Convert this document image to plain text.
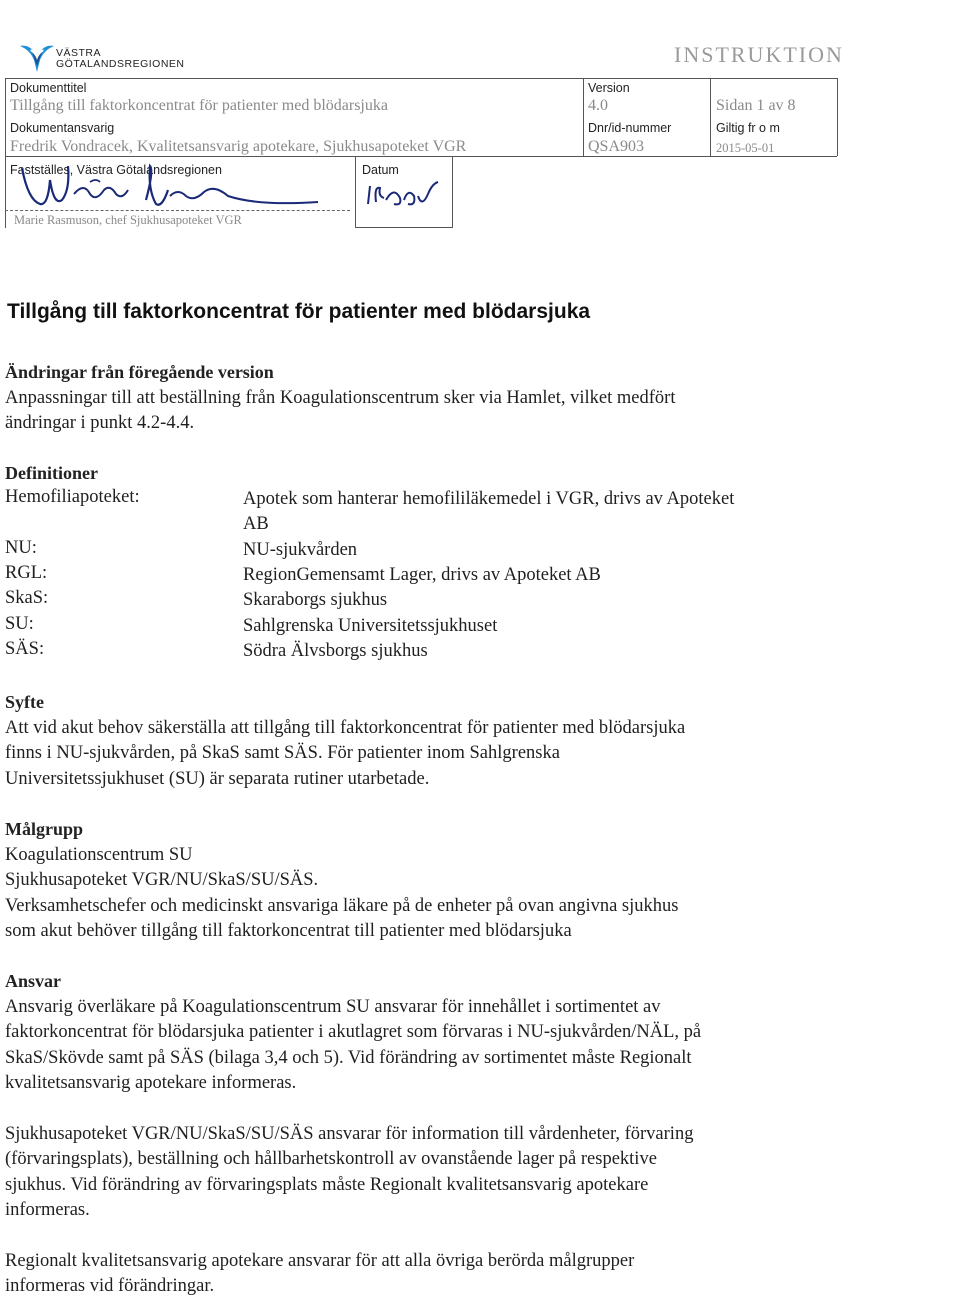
VÄSTRA
GÖTALANDSREGIONEN	INSTRUKTION
Dokumenttitel
Tillgång till faktorkoncentrat för patienter med blödarsjuka
Version
4.0	Sidan 1 av 8
Dokumentansvarig
Fredrik Vondracek, Kvalitetsansvarig apotekare, Sjukhusapoteket VGR
Dnr/id-nummer
QSA903
Giltig fr o m
2015-05-01
Fastställes, Västra Götalandsregionen	Datum
Marie Rasmuson, chef Sjukhusapoteket VGR
Tillgång till faktorkoncentrat för patienter med blödarsjuka
Ändringar från föregående version
Anpassningar till att beställning från Koagulationscentrum sker via Hamlet, vilket medfört
ändringar i punkt 4.2-4.4.
Definitioner
Hemofiliapoteket:	Apotek som hanterar hemofililäkemedel i VGR, drivs av Apoteket
AB
NU:	NU-sjukvården
RGL:	RegionGemensamt Lager, drivs av Apoteket AB
SkaS:	Skaraborgs sjukhus
SU:	Sahlgrenska Universitetssjukhuset
SÄS:	Södra Älvsborgs sjukhus
Syfte
Att vid akut behov säkerställa att tillgång till faktorkoncentrat för patienter med blödarsjuka
finns i NU-sjukvården, på SkaS samt SÄS. För patienter inom Sahlgrenska
Universitetssjukhuset (SU) är separata rutiner utarbetade.
Målgrupp
Koagulationscentrum SU
Sjukhusapoteket VGR/NU/SkaS/SU/SÄS.
Verksamhetschefer och medicinskt ansvariga läkare på de enheter på ovan angivna sjukhus
som akut behöver tillgång till faktorkoncentrat till patienter med blödarsjuka
Ansvar
Ansvarig överläkare på Koagulationscentrum SU ansvarar för innehållet i sortimentet av
faktorkoncentrat för blödarsjuka patienter i akutlagret som förvaras i NU-sjukvården/NÄL, på
SkaS/Skövde samt på SÄS (bilaga 3,4 och 5). Vid förändring av sortimentet måste Regionalt
kvalitetsansvarig apotekare informeras.
Sjukhusapoteket VGR/NU/SkaS/SU/SÄS ansvarar för information till vårdenheter, förvaring
(förvaringsplats), beställning och hållbarhetskontroll av ovanstående lager på respektive
sjukhus. Vid förändring av förvaringsplats måste Regionalt kvalitetsansvarig apotekare
informeras.
Regionalt kvalitetsansvarig apotekare ansvarar för att alla övriga berörda målgrupper
informeras vid förändringar.
